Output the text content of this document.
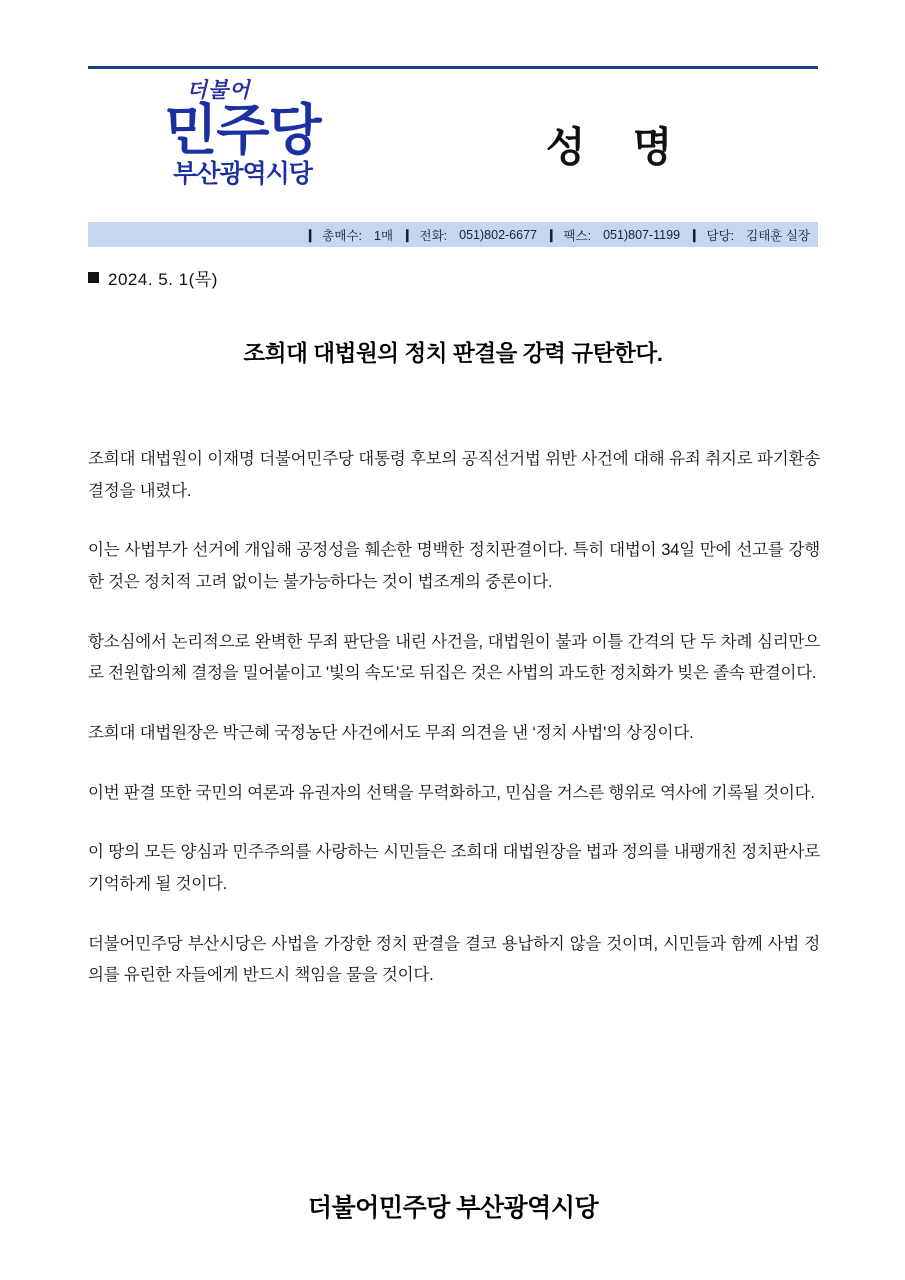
더불어
민주당
부산광역시당
성 명
❙ 총매수: 1매 ❙ 전화: 051)802-6677 ❙ 팩스: 051)807-1199 ❙ 담당: 김태훈 실장
2024. 5. 1(목)
조희대 대법원의 정치 판결을 강력 규탄한다.

조희대 대법원이 이재명 더불어민주당 대통령 후보의 공직선거법 위반 사건에 대해 유죄 취지로 파기환송 결정을 내렸다.

이는 사법부가 선거에 개입해 공정성을 훼손한 명백한 정치판결이다. 특히 대법이 34일 만에 선고를 강행한 것은 정치적 고려 없이는 불가능하다는 것이 법조계의 중론이다.

항소심에서 논리적으로 완벽한 무죄 판단을 내린 사건을, 대법원이 불과 이틀 간격의 단 두 차례 심리만으로 전원합의체 결정을 밀어붙이고 '빛의 속도'로 뒤집은 것은 사법의 과도한 정치화가 빚은 졸속 판결이다.

조희대 대법원장은 박근혜 국정농단 사건에서도 무죄 의견을 낸 ‘정치 사법'의 상징이다.

이번 판결 또한 국민의 여론과 유권자의 선택을 무력화하고, 민심을 거스른 행위로 역사에 기록될 것이다.

이 땅의 모든 양심과 민주주의를 사랑하는 시민들은 조희대 대법원장을 법과 정의를 내팽개친 정치판사로 기억하게 될 것이다.

더불어민주당 부산시당은 사법을 가장한 정치 판결을 결코 용납하지 않을 것이며, 시민들과 함께 사법 정의를 유린한 자들에게 반드시 책임을 물을 것이다.

더불어민주당 부산광역시당
